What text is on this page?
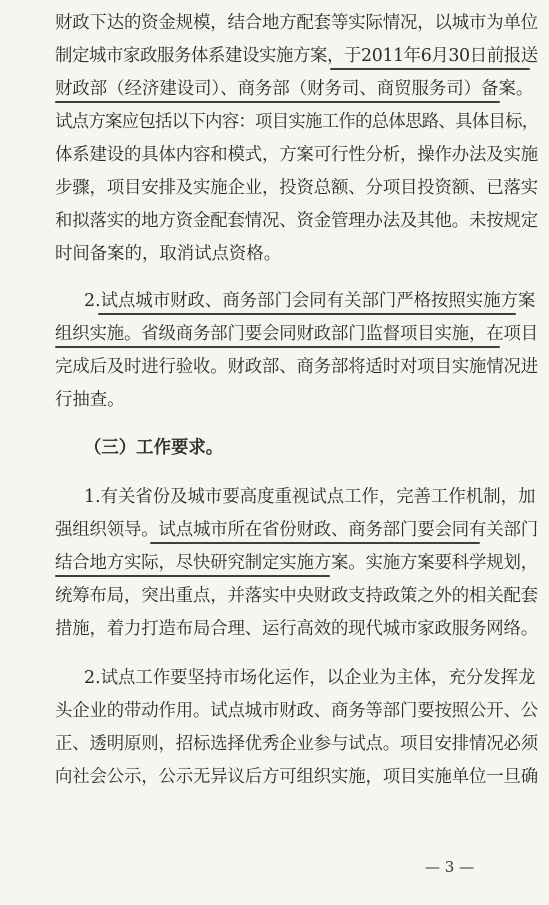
财政下达的资金规模，结合地方配套等实际情况，以城市为单位
制定城市家政服务体系建设实施方案，于2011年6月30日前报送
财政部（经济建设司）、商务部（财务司、商贸服务司）备案。
试点方案应包括以下内容：项目实施工作的总体思路、具体目标，
体系建设的具体内容和模式，方案可行性分析，操作办法及实施
步骤，项目安排及实施企业，投资总额、分项目投资额、已落实
和拟落实的地方资金配套情况、资金管理办法及其他。未按规定
时间备案的，取消试点资格。
2.试点城市财政、商务部门会同有关部门严格按照实施方案
组织实施。省级商务部门要会同财政部门监督项目实施，在项目
完成后及时进行验收。财政部、商务部将适时对项目实施情况进
行抽查。
（三）工作要求。
1.有关省份及城市要高度重视试点工作，完善工作机制，加
强组织领导。试点城市所在省份财政、商务部门要会同有关部门
结合地方实际，尽快研究制定实施方案。实施方案要科学规划，
统筹布局，突出重点，并落实中央财政支持政策之外的相关配套
措施，着力打造布局合理、运行高效的现代城市家政服务网络。
2.试点工作要坚持市场化运作，以企业为主体，充分发挥龙
头企业的带动作用。试点城市财政、商务等部门要按照公开、公
正、透明原则，招标选择优秀企业参与试点。项目安排情况必须
向社会公示，公示无异议后方可组织实施，项目实施单位一旦确
— 3 —
